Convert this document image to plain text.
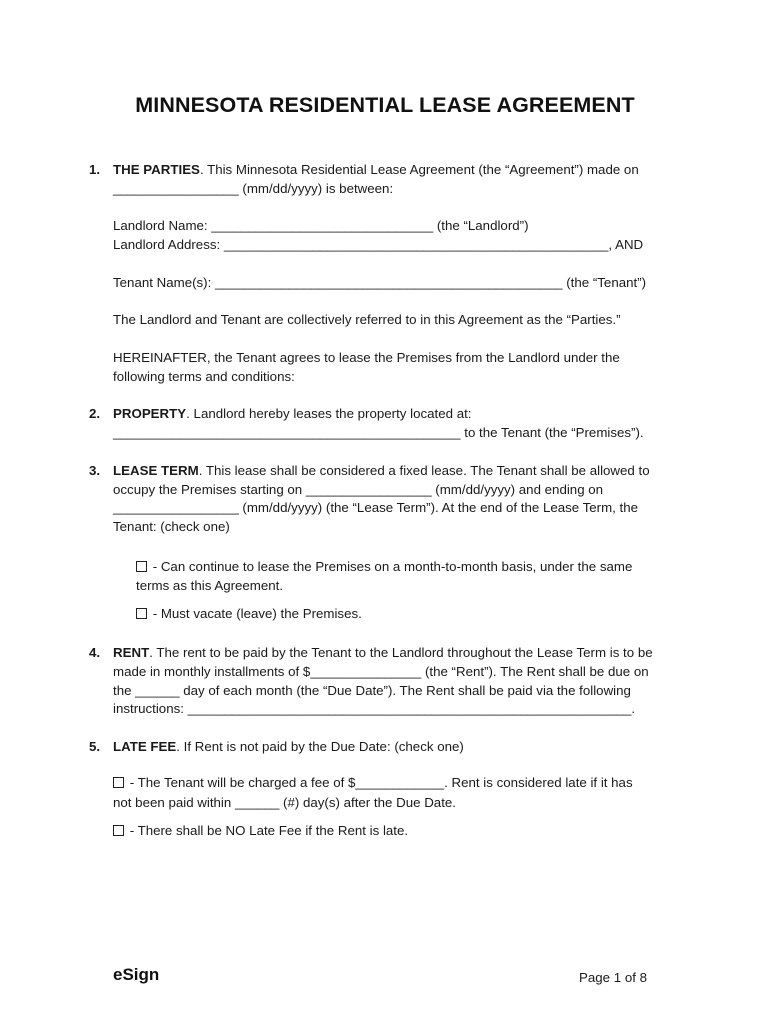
MINNESOTA RESIDENTIAL LEASE AGREEMENT
1. THE PARTIES. This Minnesota Residential Lease Agreement (the “Agreement”) made on
_________________ (mm/dd/yyyy) is between:
Landlord Name: ______________________________ (the “Landlord”)
Landlord Address: ____________________________________________________, AND
Tenant Name(s): _______________________________________________ (the “Tenant”)
The Landlord and Tenant are collectively referred to in this Agreement as the “Parties.”
HEREINAFTER, the Tenant agrees to lease the Premises from the Landlord under the
following terms and conditions:
2. PROPERTY. Landlord hereby leases the property located at:
_______________________________________________ to the Tenant (the “Premises”).
3. LEASE TERM. This lease shall be considered a fixed lease. The Tenant shall be allowed to
occupy the Premises starting on _________________ (mm/dd/yyyy) and ending on
_________________ (mm/dd/yyyy) (the “Lease Term”). At the end of the Lease Term, the
Tenant: (check one)
- Can continue to lease the Premises on a month-to-month basis, under the same
terms as this Agreement.
- Must vacate (leave) the Premises.
4. RENT. The rent to be paid by the Tenant to the Landlord throughout the Lease Term is to be
made in monthly installments of $_______________ (the “Rent”). The Rent shall be due on
the ______ day of each month (the “Due Date”). The Rent shall be paid via the following
instructions: ____________________________________________________________.
5. LATE FEE. If Rent is not paid by the Due Date: (check one)
- The Tenant will be charged a fee of $____________. Rent is considered late if it has
not been paid within ______ (#) day(s) after the Due Date.
- There shall be NO Late Fee if the Rent is late.
eSign	Page 1 of 8
